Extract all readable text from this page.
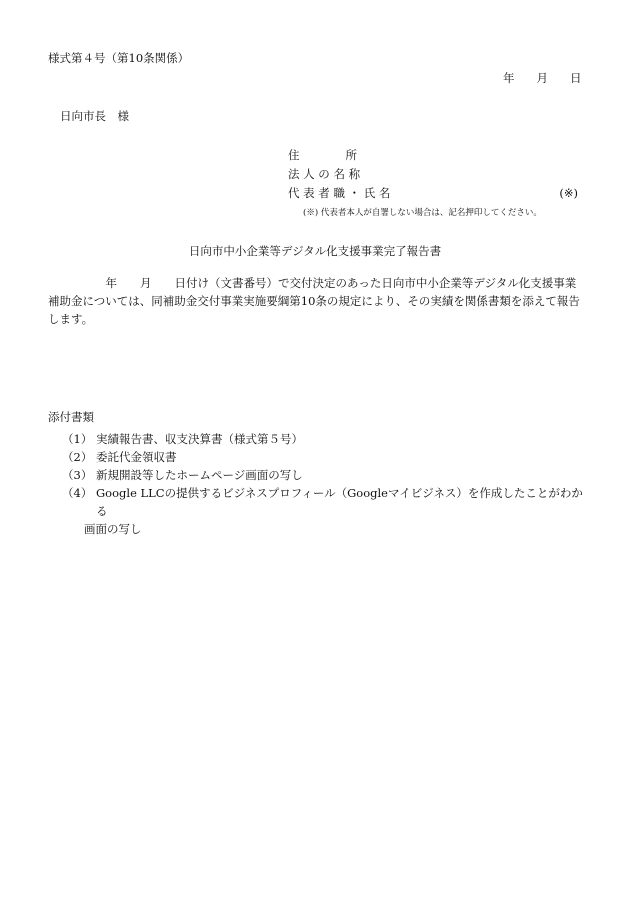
様式第４号（第10条関係）
年 月 日
日向市長　様
住　　　　所
法 人 の 名 称
代 表 者 職 ・ 氏 名	(※)
(※) 代表者本人が自署しない場合は、記名押印してください。
日向市中小企業等デジタル化支援事業完了報告書

　　　　　年　　月　　日付け（文書番号）で交付決定のあった日向市中小企業等デジタル化支援事業

補助金については、同補助金交付事業実施要綱第10条の規定により、その実績を関係書類を添えて報告

します。

添付書類
（1） 実績報告書、収支決算書（様式第５号）
（2） 委託代金領収書
（3） 新規開設等したホームページ画面の写し
（4） Google LLCの提供するビジネスプロフィール（Googleマイビジネス）を作成したことがわかる
画面の写し
